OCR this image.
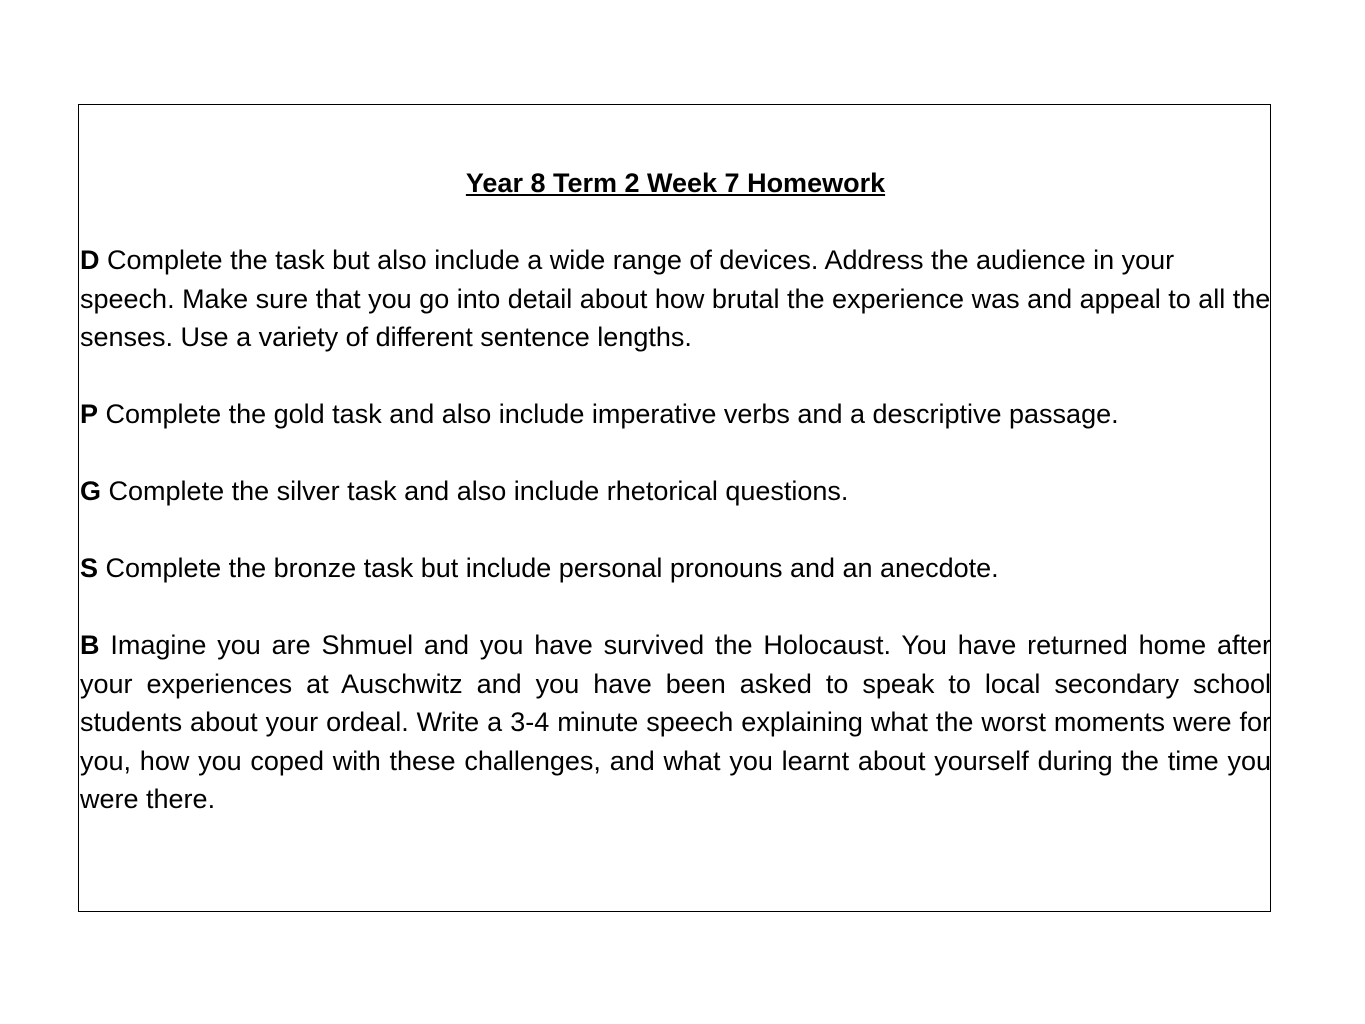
Year 8 Term 2 Week 7 Homework

D Complete the task but also include a wide range of devices. Address the audience in your speech. Make sure that you go into detail about how brutal the experience was and appeal to all the senses. Use a variety of different sentence lengths.

P Complete the gold task and also include imperative verbs and a descriptive passage.

G Complete the silver task and also include rhetorical questions.

S Complete the bronze task but include personal pronouns and an anecdote.

B Imagine you are Shmuel and you have survived the Holocaust. You have returned home after your experiences at Auschwitz and you have been asked to speak to local secondary school students about your ordeal. Write a 3-4 minute speech explaining what the worst moments were for you, how you coped with these challenges, and what you learnt about yourself during the time you were there.
